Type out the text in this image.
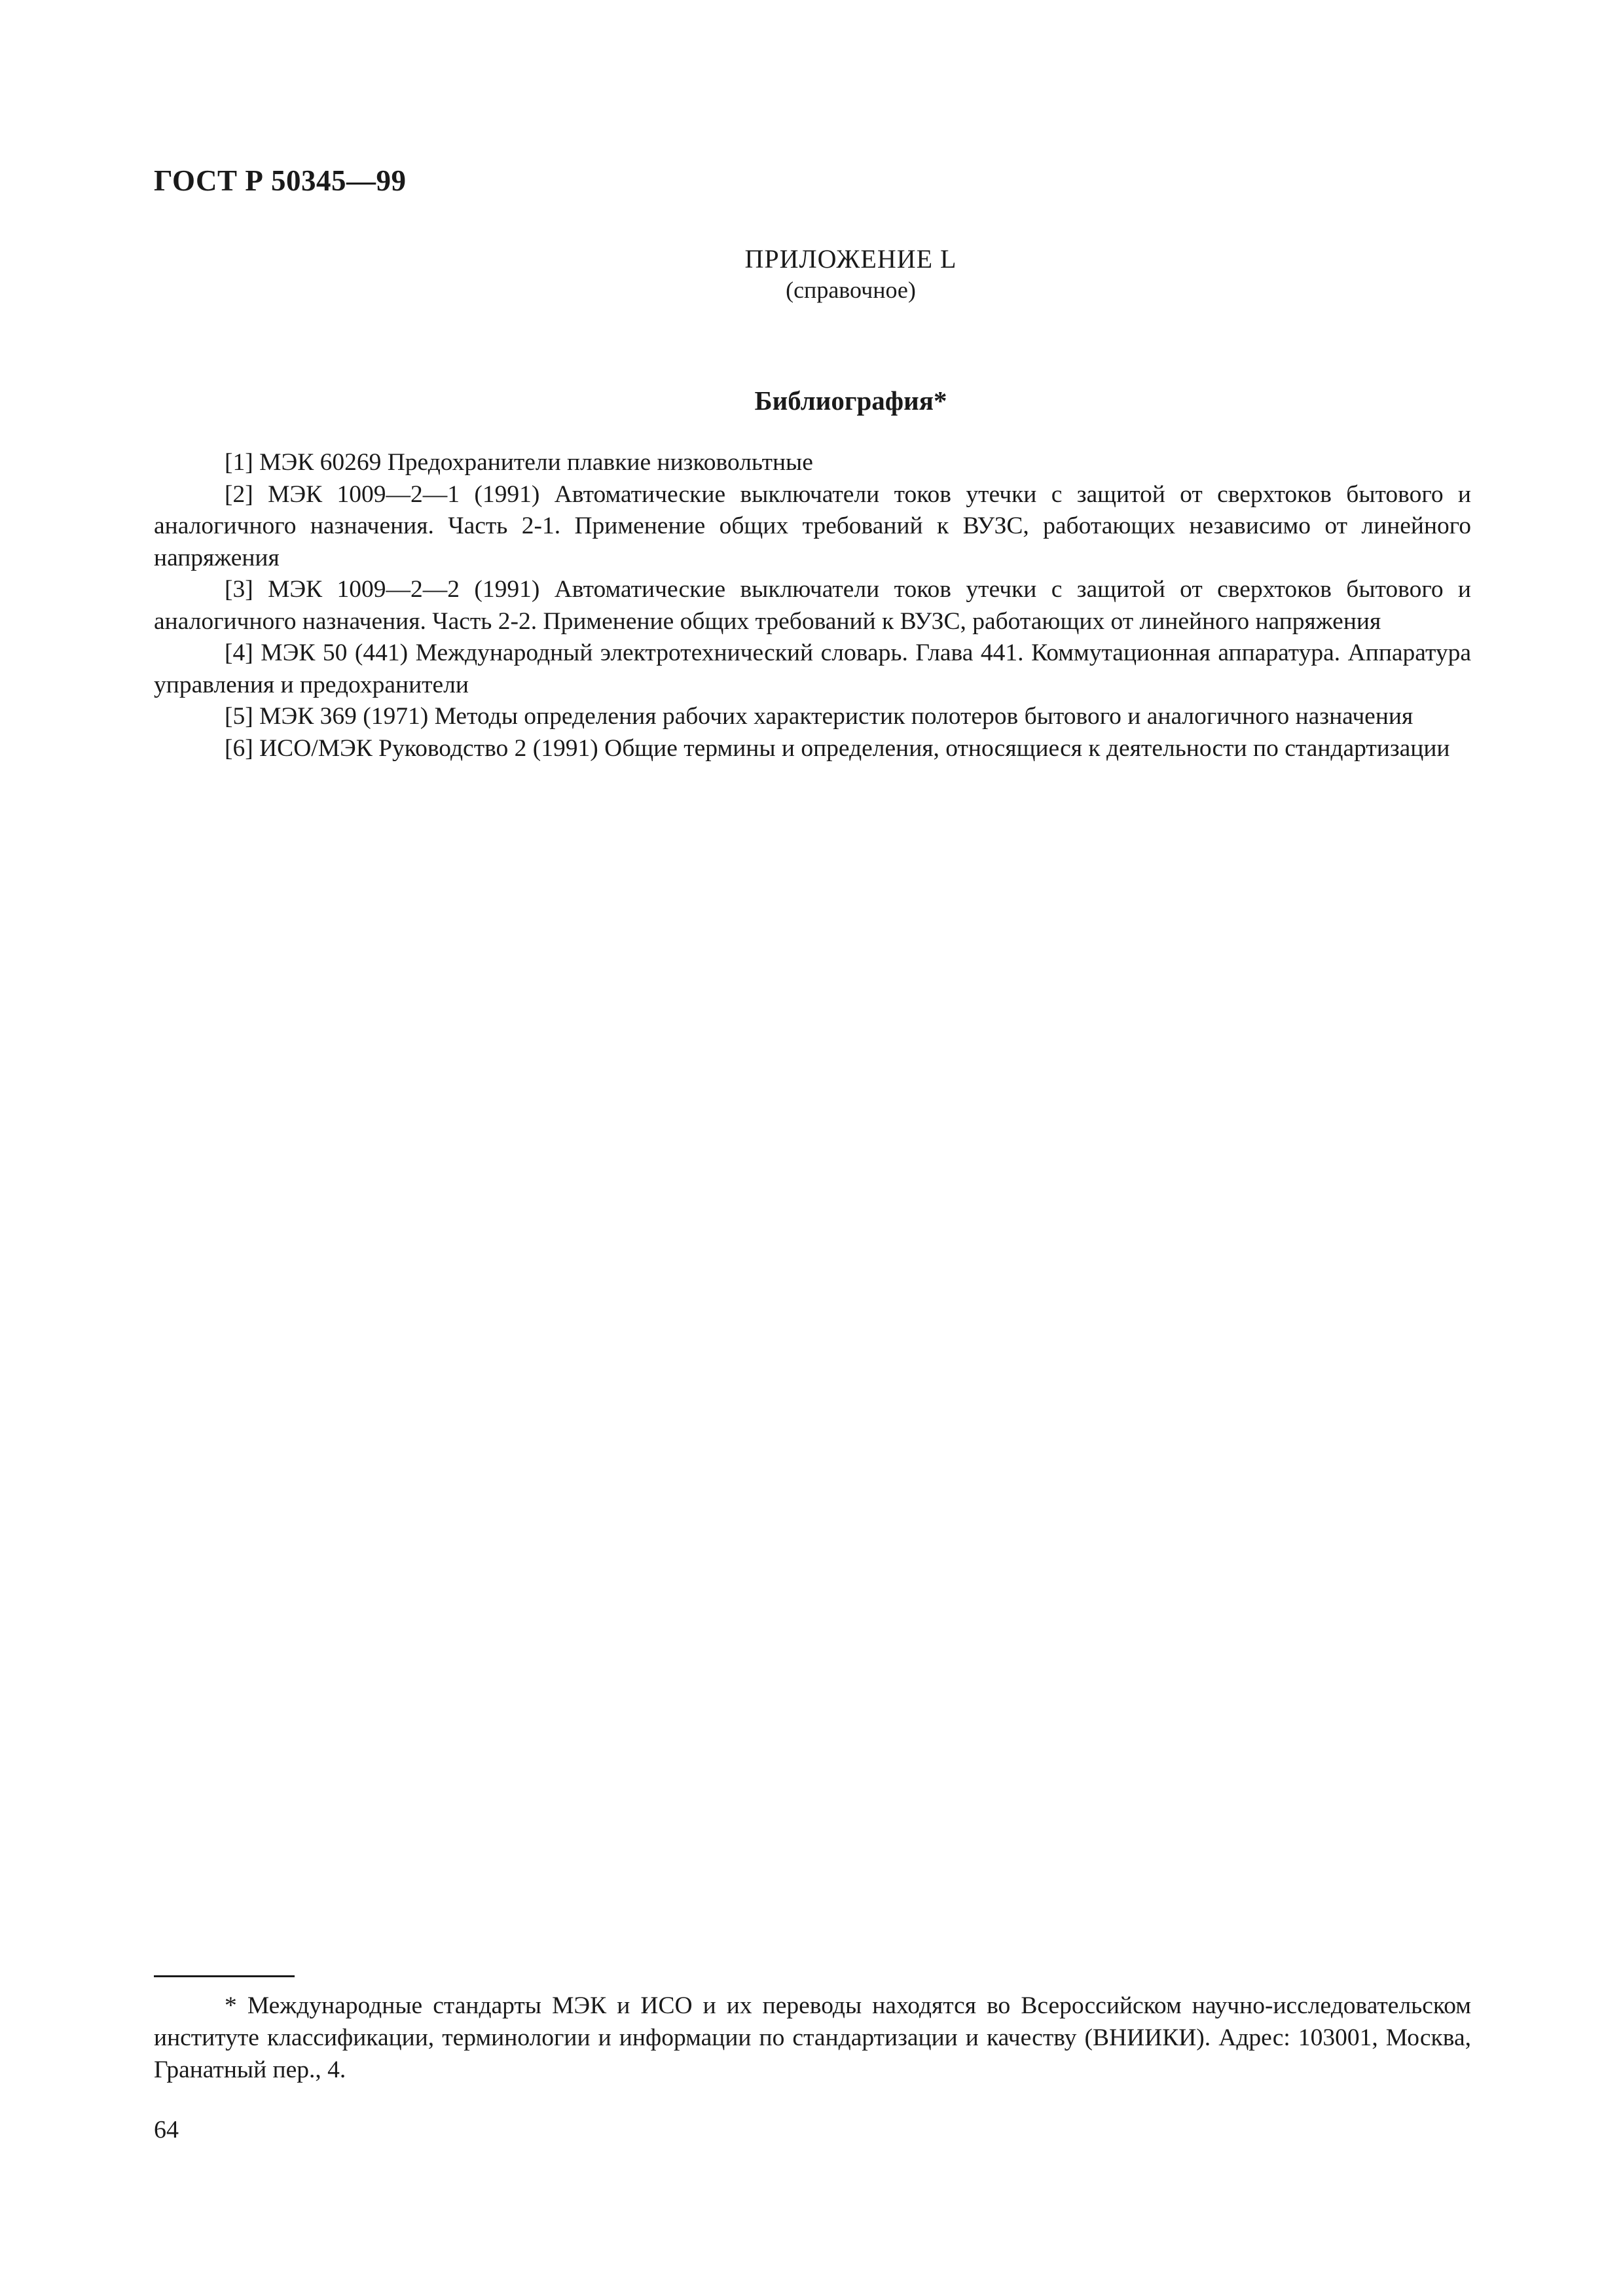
ГОСТ Р 50345—99

ПРИЛОЖЕНИЕ L
(справочное)
Библиография*
[1] МЭК 60269 Предохранители плавкие низковольтные
[2] МЭК 1009—2—1 (1991) Автоматические выключатели токов утечки с защитой от сверхтоков бытового и аналогичного назначения. Часть 2-1. Применение общих требований к ВУЗС, работающих независимо от линейного напряжения
[3] МЭК 1009—2—2 (1991) Автоматические выключатели токов утечки с защитой от сверхтоков бытового и аналогичного назначения. Часть 2-2. Применение общих требований к ВУЗС, работающих от линейного напряжения
[4] МЭК 50 (441) Международный электротехнический словарь. Глава 441. Коммутационная аппаратура. Аппаратура управления и предохранители
[5] МЭК 369 (1971) Методы определения рабочих характеристик полотеров бытового и аналогичного назначения
[6] ИСО/МЭК Руководство 2 (1991) Общие термины и определения, относящиеся к деятельности по стандартизации

* Международные стандарты МЭК и ИСО и их переводы находятся во Всероссийском научно-исследовательском институте классификации, терминологии и информации по стандартизации и качеству (ВНИИКИ). Адрес: 103001, Москва, Гранатный пер., 4.

64
